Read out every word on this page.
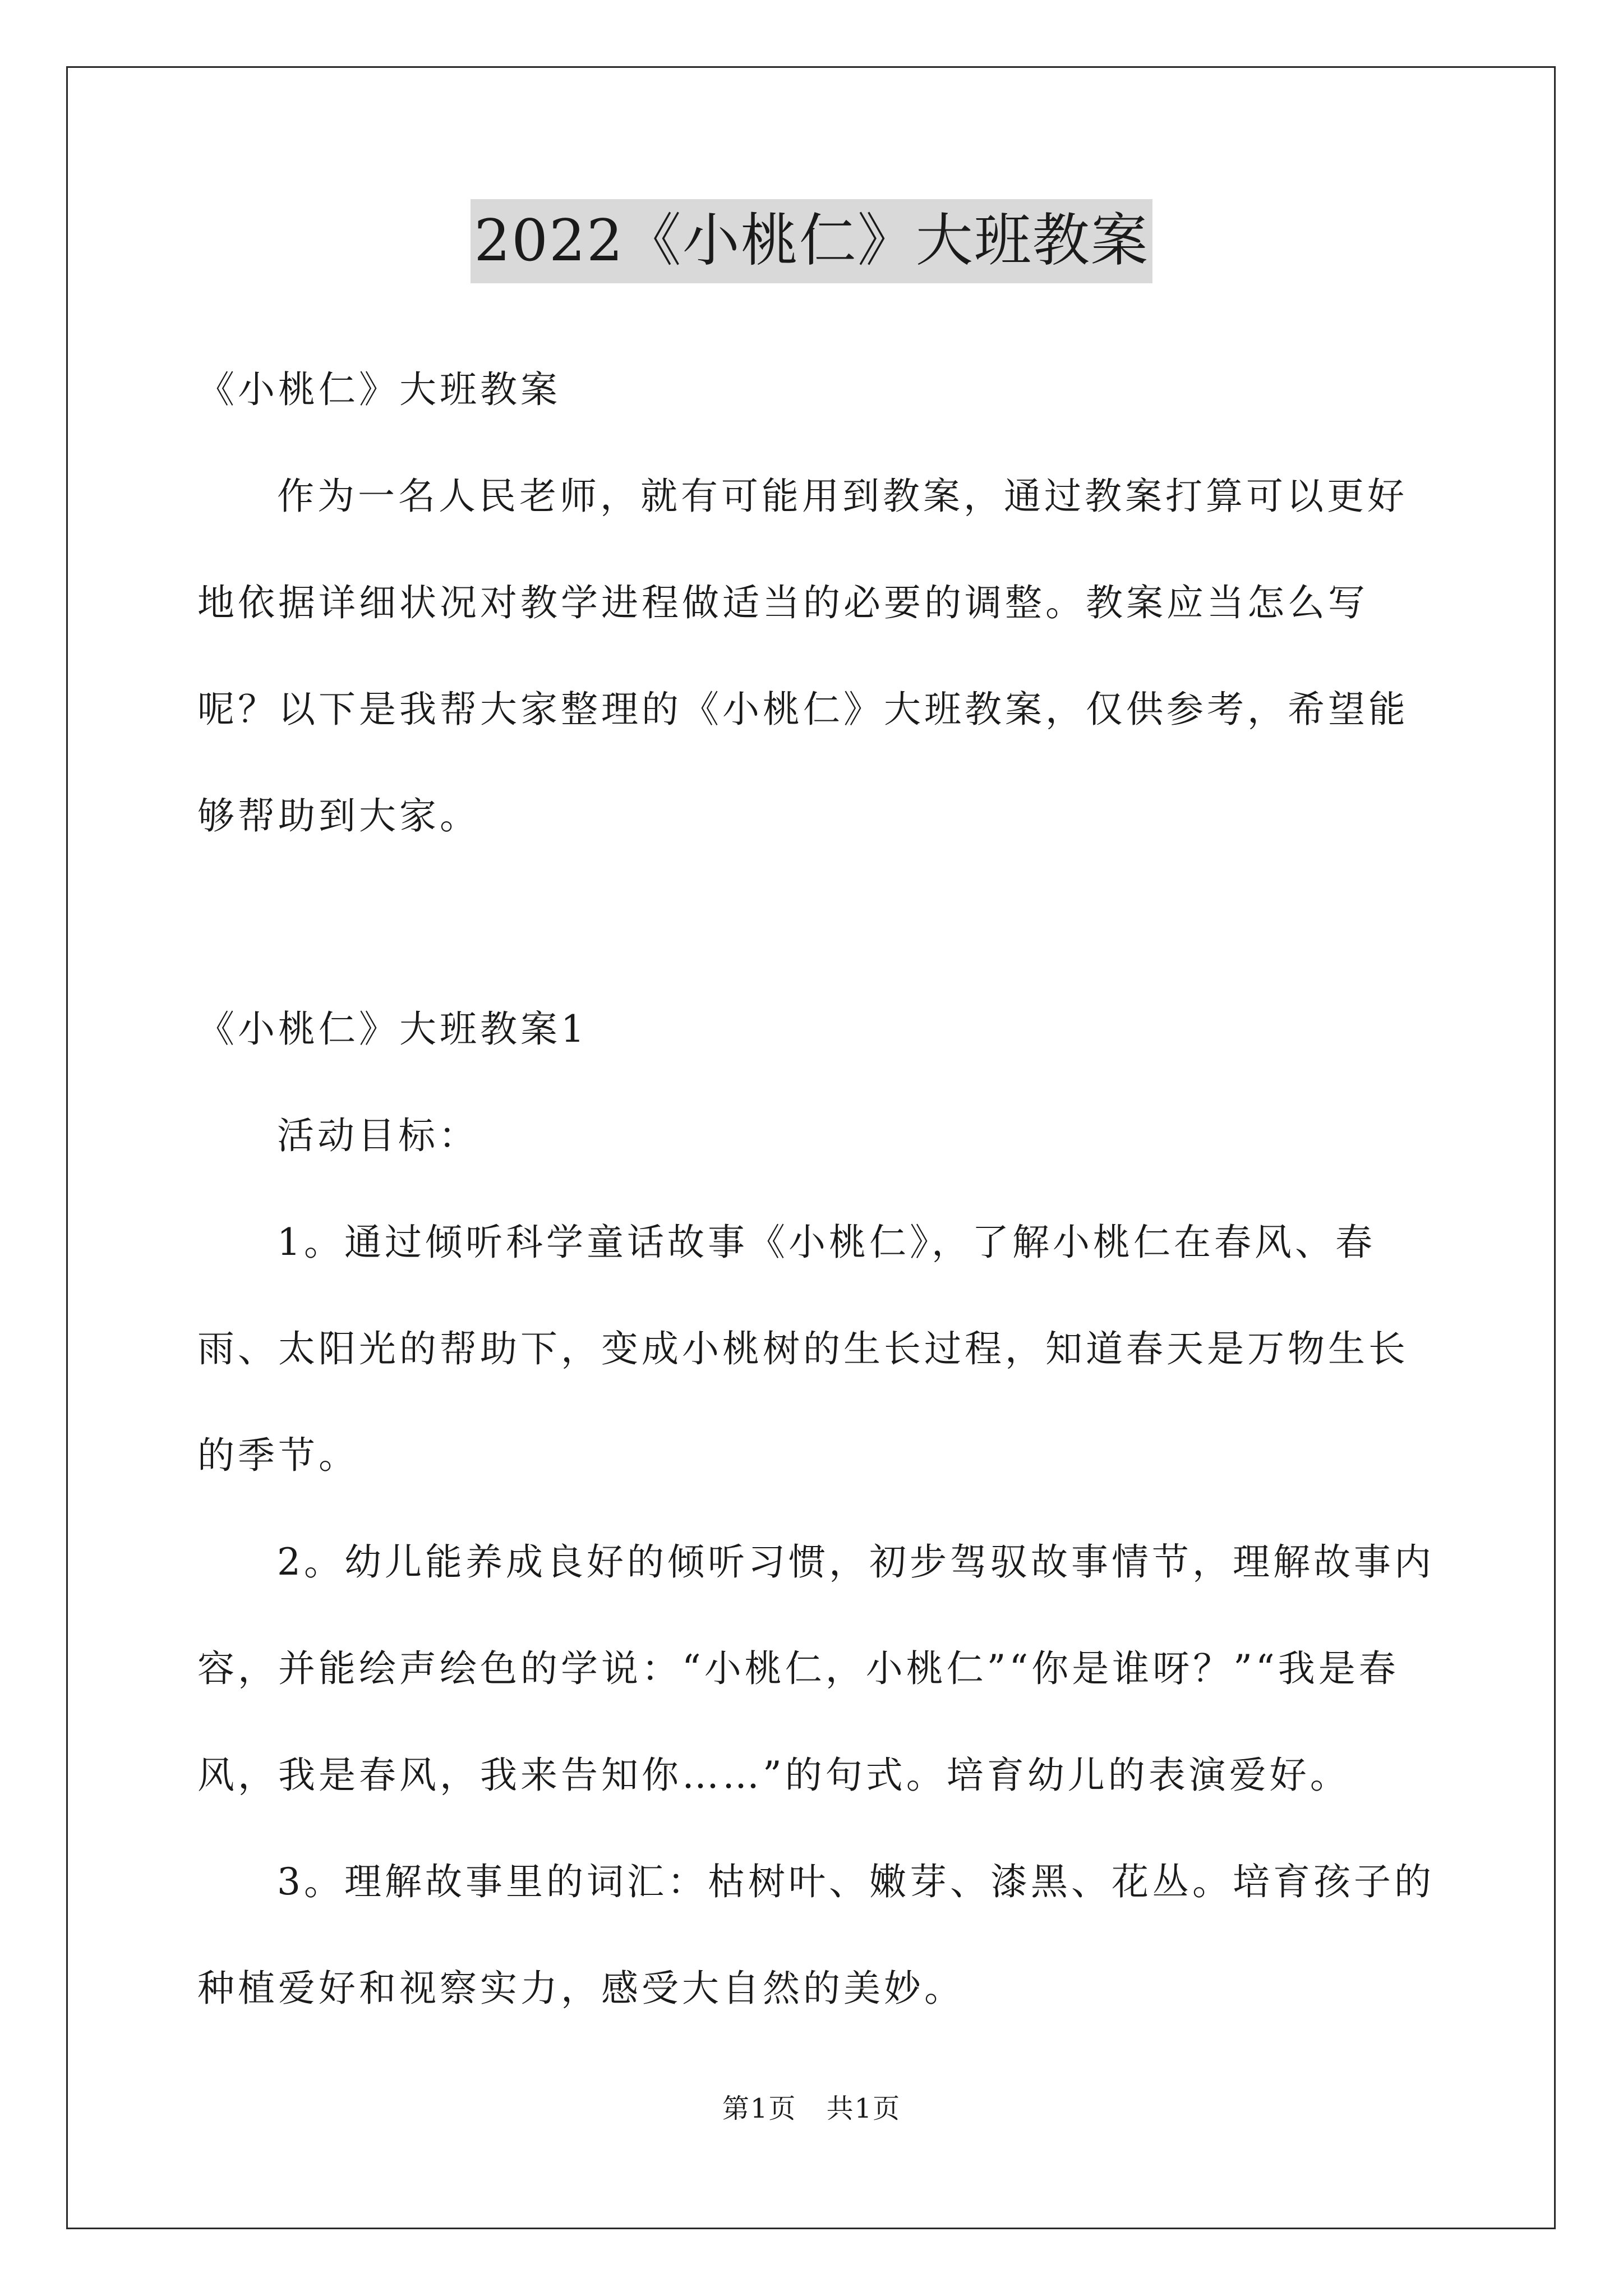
2022《小桃仁》大班教案

《小桃仁》大班教案

作为一名人民老师，就有可能用到教案，通过教案打算可以更好地依据详细状况对教学进程做适当的必要的调整。教案应当怎么写呢？以下是我帮大家整理的《小桃仁》大班教案，仅供参考，希望能够帮助到大家。

《小桃仁》大班教案1

活动目标：

1。通过倾听科学童话故事《小桃仁》，了解小桃仁在春风、春雨、太阳光的帮助下，变成小桃树的生长过程，知道春天是万物生长的季节。

2。幼儿能养成良好的倾听习惯，初步驾驭故事情节，理解故事内容，并能绘声绘色的学说：“小桃仁，小桃仁”“你是谁呀？”“我是春风，我是春风，我来告知你……”的句式。培育幼儿的表演爱好。

3。理解故事里的词汇：枯树叶、嫩芽、漆黑、花丛。培育孩子的种植爱好和视察实力，感受大自然的美妙。

第1页 共1页
